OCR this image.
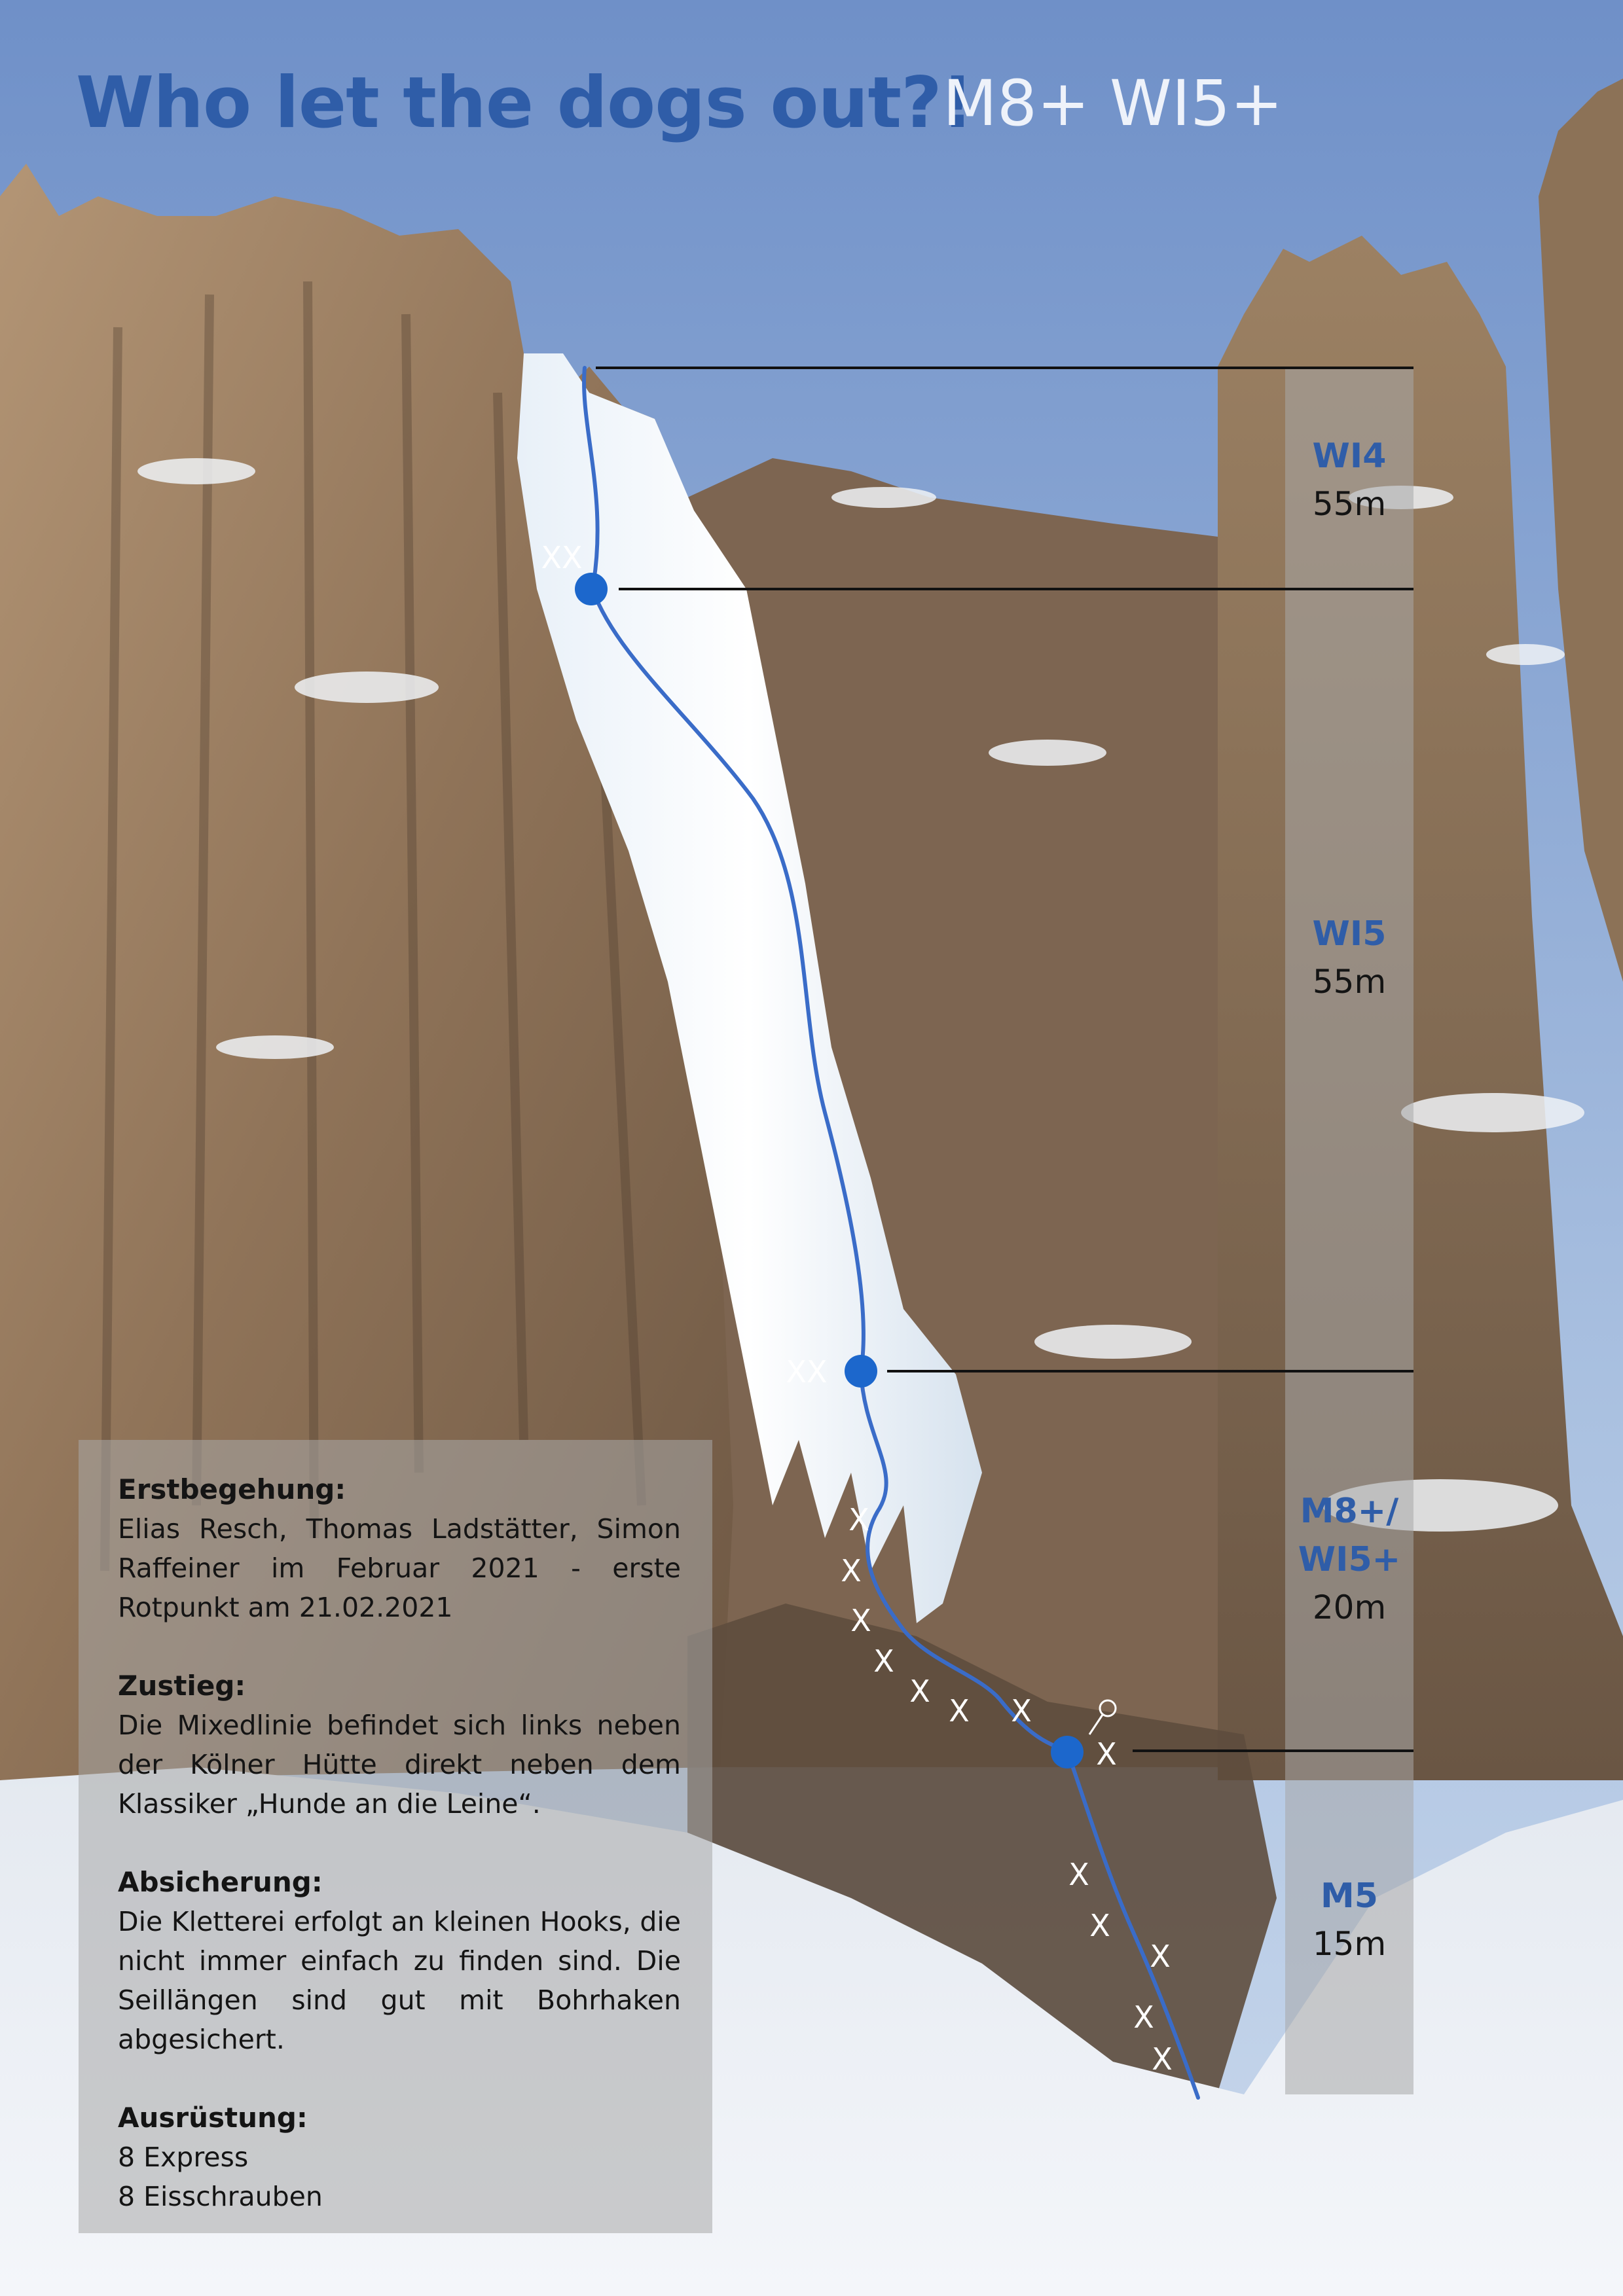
XX
XX
X
X
X
X
X
X X
X
X
X
X
X
X
Who let the dogs out?!
M8+ WI5+
WI4
55m
WI5
55m
M8+/
WI5+
20m
M5
15m
Erstbegehung:

Elias Resch, Thomas Ladstätter, Simon Raffeiner im Februar 2021 - erste Rotpunkt am 21.02.2021

Zustieg:

Die Mixedlinie befindet sich links neben der Kölner Hütte direkt neben dem Klassiker „Hunde an die Leine“.

Absicherung:

Die Kletterei erfolgt an kleinen Hooks, die nicht immer einfach zu finden sind. Die Seillängen sind gut mit Bohrhaken abgesichert.

Ausrüstung:

8 Express
8 Eisschrauben
